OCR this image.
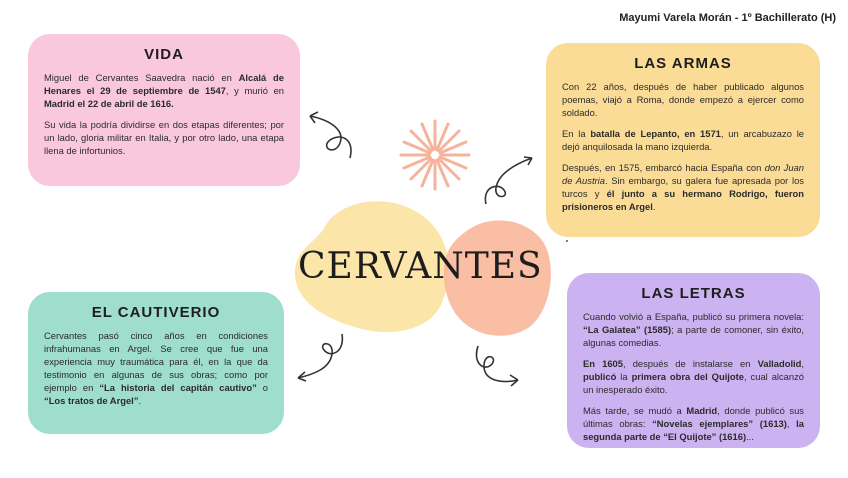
Mayumi Varela Morán - 1º Bachillerato (H)
CERVANTES
VIDA

Miguel de Cervantes Saavedra nació en Alcalá de Henares el 29 de septiembre de 1547, y murió en Madrid el 22 de abril de 1616.

Su vida la podría dividirse en dos etapas diferentes; por un lado, gloria militar en Italia, y por otro lado, una etapa llena de infortunios.

LAS ARMAS

Con 22 años, después de haber publicado algunos poemas, viajó a Roma, donde empezó a ejercer como soldado.

En la batalla de Lepanto, en 1571, un arcabuzazo le dejó anquilosada la mano izquierda.

Después, en 1575, embarcó hacia España con don Juan de Austria. Sin embargo, su galera fue apresada por los turcos y él junto a su hermano Rodrigo, fueron prisioneros en Argel.

EL CAUTIVERIO

Cervantes pasó cinco años en condiciones infrahumanas en Argel. Se cree que fue una experiencia muy traumática para él, en la que da testimonio en algunas de sus obras; como por ejemplo en “La historia del capitán cautivo” o “Los tratos de Argel”.

LAS LETRAS

Cuando volvió a España, publicó su primera novela: “La Galatea” (1585); a parte de comoner, sin éxito, algunas comedias.

En 1605, después de instalarse en Valladolid, publicó la primera obra del Quijote, cual alcanzó un inesperado éxito.

Más tarde, se mudó a Madrid, donde publicó sus últimas obras: “Novelas ejemplares” (1613), la segunda parte de “El Quijote” (1616)...
